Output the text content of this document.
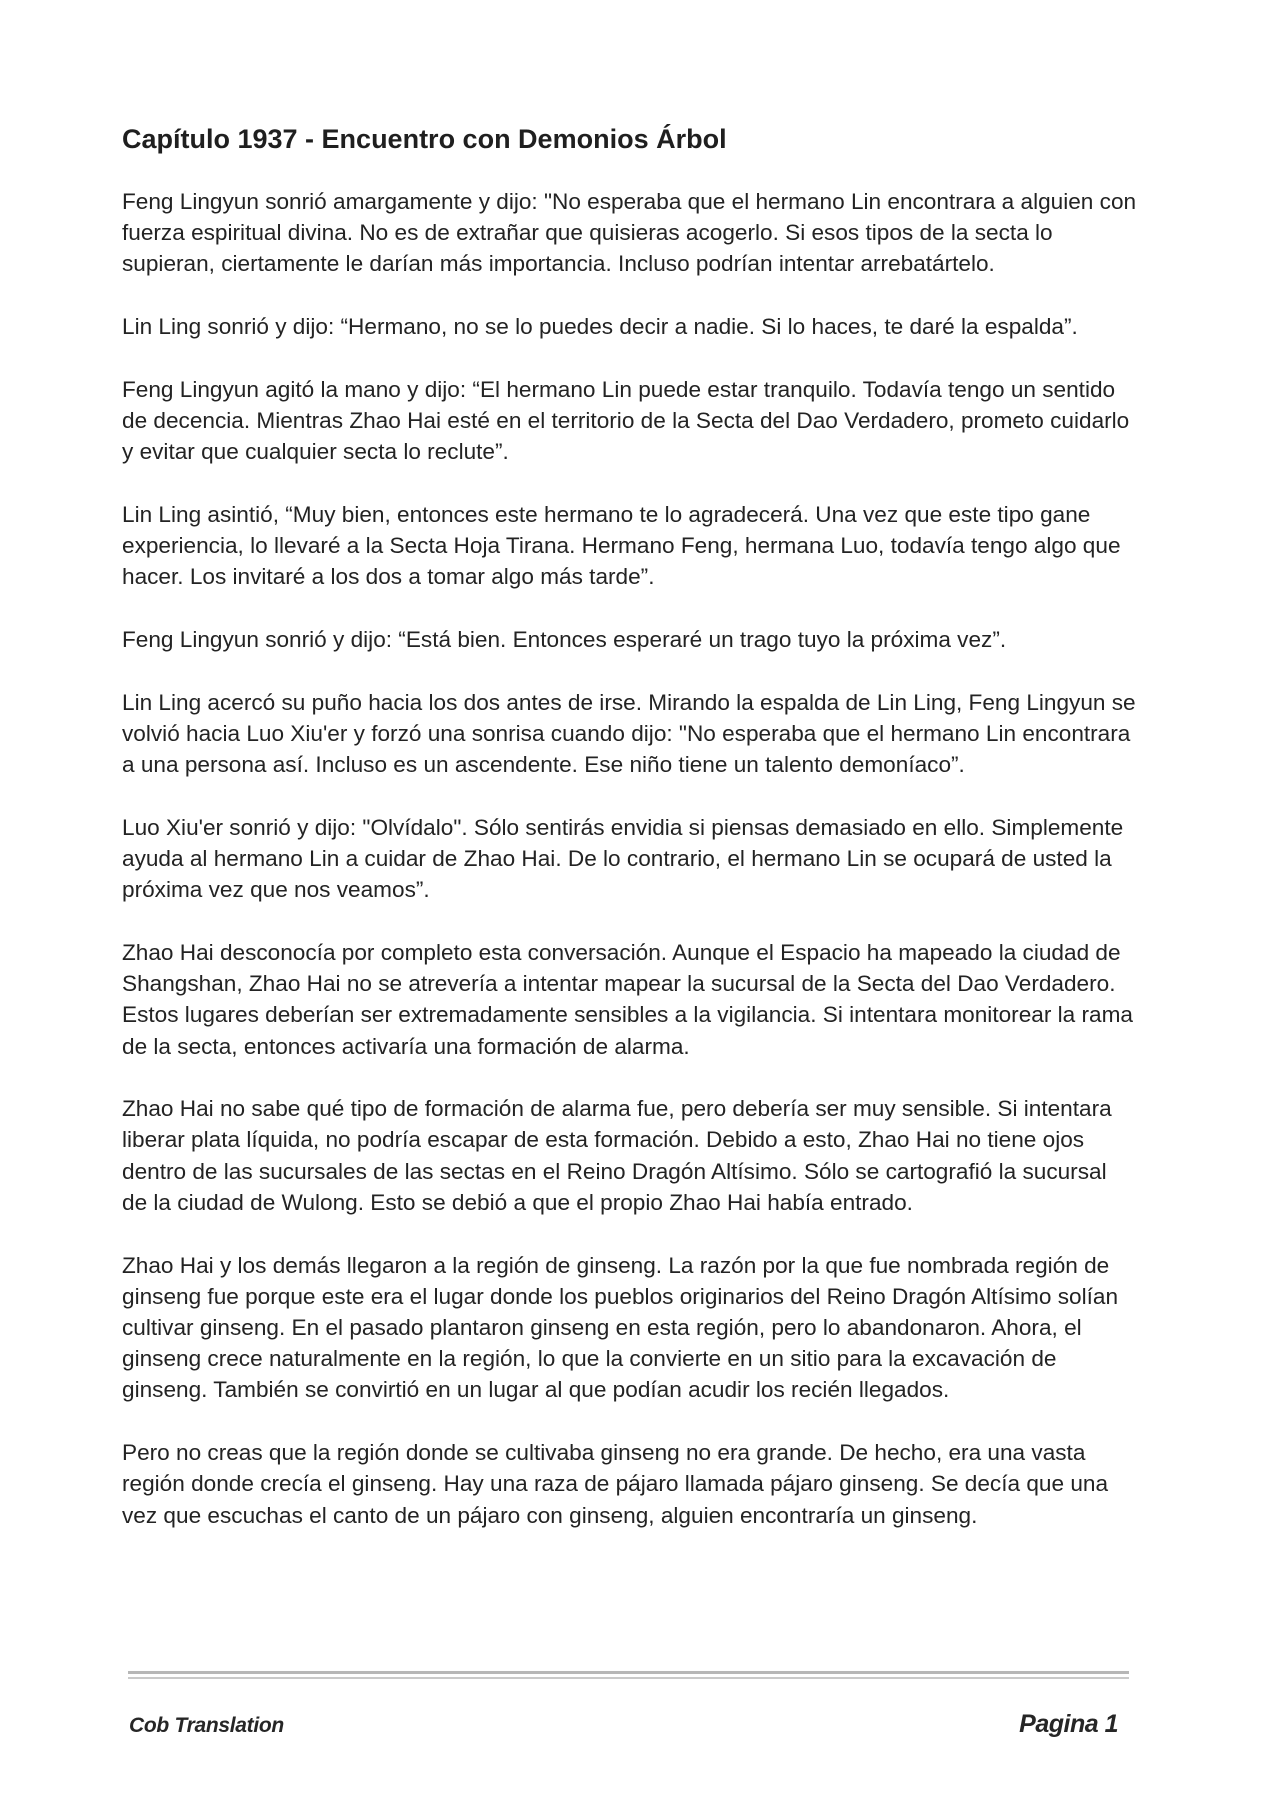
Capítulo 1937 - Encuentro con Demonios Árbol

Feng Lingyun sonrió amargamente y dijo: "No esperaba que el hermano Lin encontrara a alguien con fuerza espiritual divina. No es de extrañar que quisieras acogerlo. Si esos tipos de la secta lo supieran, ciertamente le darían más importancia. Incluso podrían intentar arrebatártelo.

Lin Ling sonrió y dijo: “Hermano, no se lo puedes decir a nadie. Si lo haces, te daré la espalda”.

Feng Lingyun agitó la mano y dijo: “El hermano Lin puede estar tranquilo. Todavía tengo un sentido de decencia. Mientras Zhao Hai esté en el territorio de la Secta del Dao Verdadero, prometo cuidarlo y evitar que cualquier secta lo reclute”.

Lin Ling asintió, “Muy bien, entonces este hermano te lo agradecerá. Una vez que este tipo gane experiencia, lo llevaré a la Secta Hoja Tirana. Hermano Feng, hermana Luo, todavía tengo algo que hacer. Los invitaré a los dos a tomar algo más tarde”.

Feng Lingyun sonrió y dijo: “Está bien. Entonces esperaré un trago tuyo la próxima vez”.

Lin Ling acercó su puño hacia los dos antes de irse. Mirando la espalda de Lin Ling, Feng Lingyun se volvió hacia Luo Xiu'er y forzó una sonrisa cuando dijo: "No esperaba que el hermano Lin encontrara a una persona así. Incluso es un ascendente. Ese niño tiene un talento demoníaco”.

Luo Xiu'er sonrió y dijo: "Olvídalo". Sólo sentirás envidia si piensas demasiado en ello. Simplemente ayuda al hermano Lin a cuidar de Zhao Hai. De lo contrario, el hermano Lin se ocupará de usted la próxima vez que nos veamos”.

Zhao Hai desconocía por completo esta conversación. Aunque el Espacio ha mapeado la ciudad de Shangshan, Zhao Hai no se atrevería a intentar mapear la sucursal de la Secta del Dao Verdadero. Estos lugares deberían ser extremadamente sensibles a la vigilancia. Si intentara monitorear la rama de la secta, entonces activaría una formación de alarma.

Zhao Hai no sabe qué tipo de formación de alarma fue, pero debería ser muy sensible. Si intentara liberar plata líquida, no podría escapar de esta formación. Debido a esto, Zhao Hai no tiene ojos dentro de las sucursales de las sectas en el Reino Dragón Altísimo. Sólo se cartografió la sucursal de la ciudad de Wulong. Esto se debió a que el propio Zhao Hai había entrado.

Zhao Hai y los demás llegaron a la región de ginseng. La razón por la que fue nombrada región de ginseng fue porque este era el lugar donde los pueblos originarios del Reino Dragón Altísimo solían cultivar ginseng. En el pasado plantaron ginseng en esta región, pero lo abandonaron. Ahora, el ginseng crece naturalmente en la región, lo que la convierte en un sitio para la excavación de ginseng. También se convirtió en un lugar al que podían acudir los recién llegados.

Pero no creas que la región donde se cultivaba ginseng no era grande. De hecho, era una vasta región donde crecía el ginseng. Hay una raza de pájaro llamada pájaro ginseng. Se decía que una vez que escuchas el canto de un pájaro con ginseng, alguien encontraría un ginseng.

Cob Translation	Pagina 1
